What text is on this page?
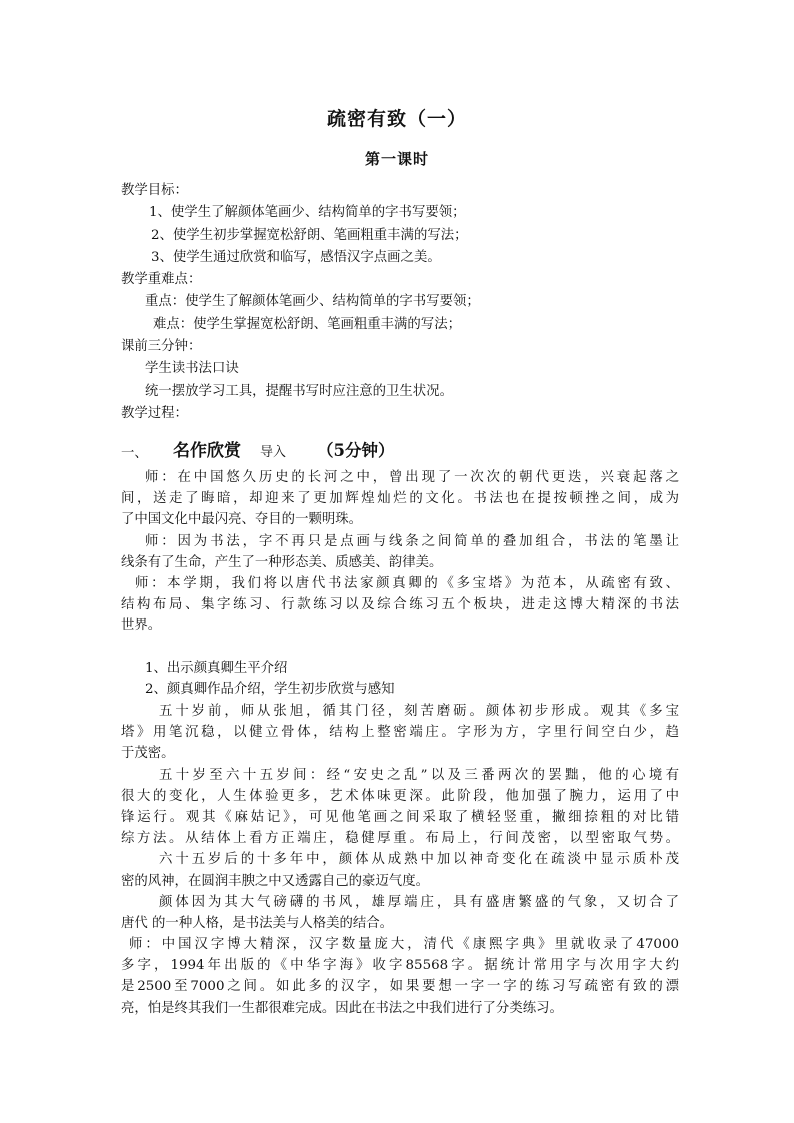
疏密有致（一）
第一课时
教学目标：
1、使学生了解颜体笔画少、结构简单的字书写要领；
2、使学生初步掌握宽松舒朗、笔画粗重丰满的写法；
3、使学生通过欣赏和临写，感悟汉字点画之美。
教学重难点：
重点：使学生了解颜体笔画少、结构简单的字书写要领；
难点：使学生掌握宽松舒朗、笔画粗重丰满的写法；
课前三分钟：
学生读书法口诀
统一摆放学习工具，提醒书写时应注意的卫生状况。
教学过程：
一、 名作欣赏 导入 （5分钟）
师：在中国悠久历史的长河之中，曾出现了一次次的朝代更迭，兴衰起落之
间，送走了晦暗，却迎来了更加辉煌灿烂的文化。书法也在提按顿挫之间，成为
了中国文化中最闪亮、夺目的一颗明珠。
师：因为书法，字不再只是点画与线条之间简单的叠加组合，书法的笔墨让
线条有了生命，产生了一种形态美、质感美、韵律美。
师：本学期，我们将以唐代书法家颜真卿的《多宝塔》为范本，从疏密有致、
结构布局、集字练习、行款练习以及综合练习五个板块，进走这博大精深的书法
世界。
1、出示颜真卿生平介绍
2、颜真卿作品介绍，学生初步欣赏与感知
五十岁前，师从张旭，循其门径，刻苦磨砺。颜体初步形成。观其《多宝
塔》用笔沉稳，以健立骨体，结构上整密端庄。字形为方，字里行间空白少，趋
于茂密。
五十岁至六十五岁间：经“安史之乱”以及三番两次的罢黜，他的心境有
很大的变化，人生体验更多，艺术体味更深。此阶段，他加强了腕力，运用了中
锋运行。观其《麻姑记》，可见他笔画之间采取了横轻竖重，撇细捺粗的对比错
综方法。从结体上看方正端庄，稳健厚重。布局上，行间茂密，以型密取气势。
六十五岁后的十多年中，颜体从成熟中加以神奇变化在疏淡中显示质朴茂
密的风神，在圆润丰腴之中又透露自己的豪迈气度。
颜体因为其大气磅礴的书风，雄厚端庄，具有盛唐繁盛的气象，又切合了
唐代 的一种人格，是书法美与人格美的结合。
师：中国汉字博大精深，汉字数量庞大，清代《康熙字典》里就收录了47000
多字，1994年出版的《中华字海》收字85568字。据统计常用字与次用字大约
是2500至7000之间。如此多的汉字，如果要想一字一字的练习写疏密有致的漂
亮，怕是终其我们一生都很难完成。因此在书法之中我们进行了分类练习。
